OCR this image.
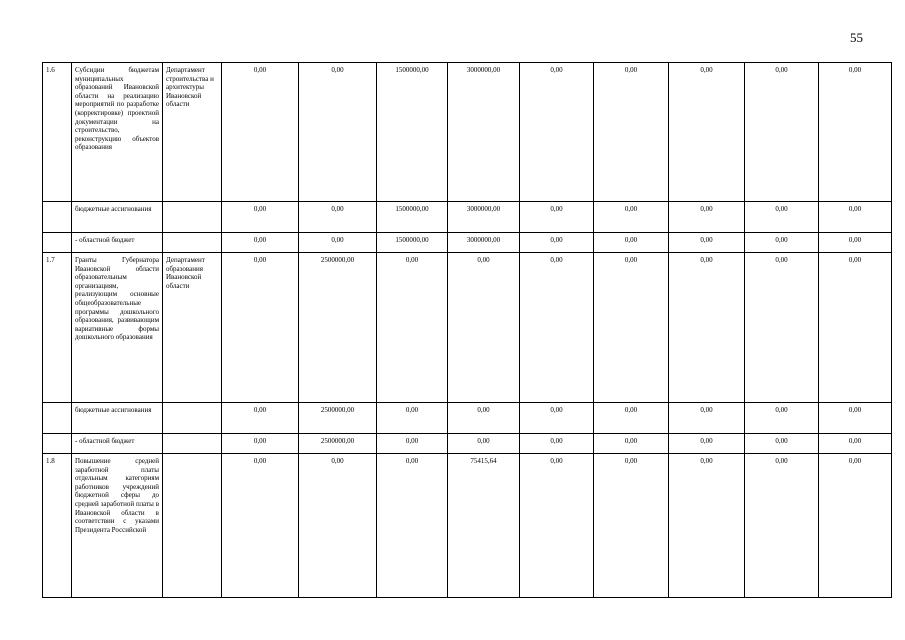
55
1.6	Субсидии бюджетам муниципальных образований Ивановской области на реализацию мероприятий по разработке (корректировке) проектной документации на строительство, реконструкцию объектов образования	Департамент строительства и архитектуры Ивановской области	0,00	0,00	1500000,00	3000000,00	0,00	0,00	0,00	0,00	0,00
	бюджетные ассигнования		0,00	0,00	1500000,00	3000000,00	0,00	0,00	0,00	0,00	0,00
	- областной бюджет		0,00	0,00	1500000,00	3000000,00	0,00	0,00	0,00	0,00	0,00
1.7	Гранты Губернатора Ивановской области образовательным организациям, реализующим основные общеобразовательные программы дошкольного образования, развивающим вариативные формы дошкольного образования	Департамент образования Ивановской области	0,00	2500000,00	0,00	0,00	0,00	0,00	0,00	0,00	0,00
	бюджетные ассигнования		0,00	2500000,00	0,00	0,00	0,00	0,00	0,00	0,00	0,00
	- областной бюджет		0,00	2500000,00	0,00	0,00	0,00	0,00	0,00	0,00	0,00
1.8	Повышение средней заработной платы отдельным категориям работников учреждений бюджетной сферы до средней заработной платы в Ивановской области в соответствии с указами Президента Российской		0,00	0,00	0,00	75415,64	0,00	0,00	0,00	0,00	0,00
